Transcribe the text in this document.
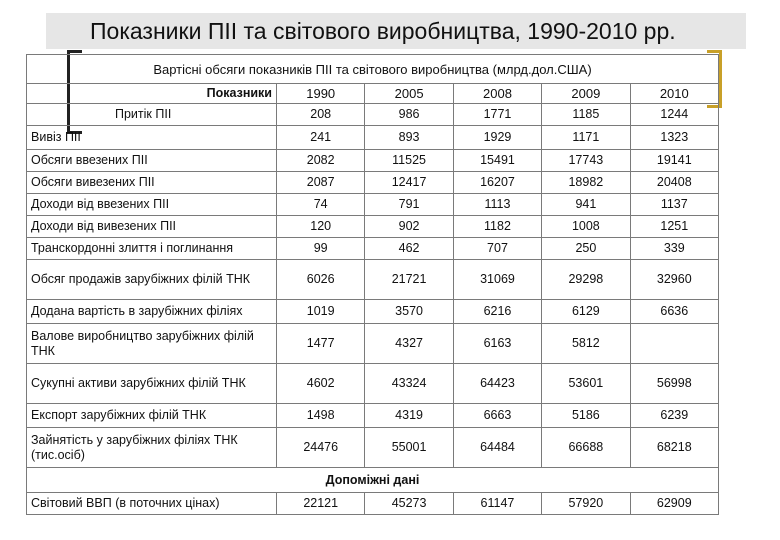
Показники ПІІ та світового виробництва, 1990-2010 рр.
Вартісні обсяги показників ПІІ та світового виробництва (млрд.дол.США)					
Показники	1990	2005	2008	2009	2010
Притік ПІІ	208	986	1771	1185	1244
Вивіз ПІІ	241	893	1929	1171	1323
Обсяги ввезених ПІІ	2082	11525	15491	17743	19141
Обсяги вивезених ПІІ	2087	12417	16207	18982	20408
Доходи від ввезених ПІІ	74	791	1113	941	1137
Доходи від вивезених ПІІ	120	902	1182	1008	1251
Транскордонні злиття і поглинання	99	462	707	250	339
Обсяг продажів зарубіжних філій ТНК	6026	21721	31069	29298	32960
Додана вартість в зарубіжних філіях	1019	3570	6216	6129	6636
Валове виробництво зарубіжних філій ТНК	1477	4327	6163	5812	
Сукупні активи зарубіжних філій ТНК	4602	43324	64423	53601	56998
Експорт зарубіжних філій ТНК	1498	4319	6663	5186	6239
Зайнятість у зарубіжних філіях ТНК (тис.осіб)	24476	55001	64484	66688	68218
Допоміжні дані					
Світовий ВВП (в поточних цінах)	22121	45273	61147	57920	62909
